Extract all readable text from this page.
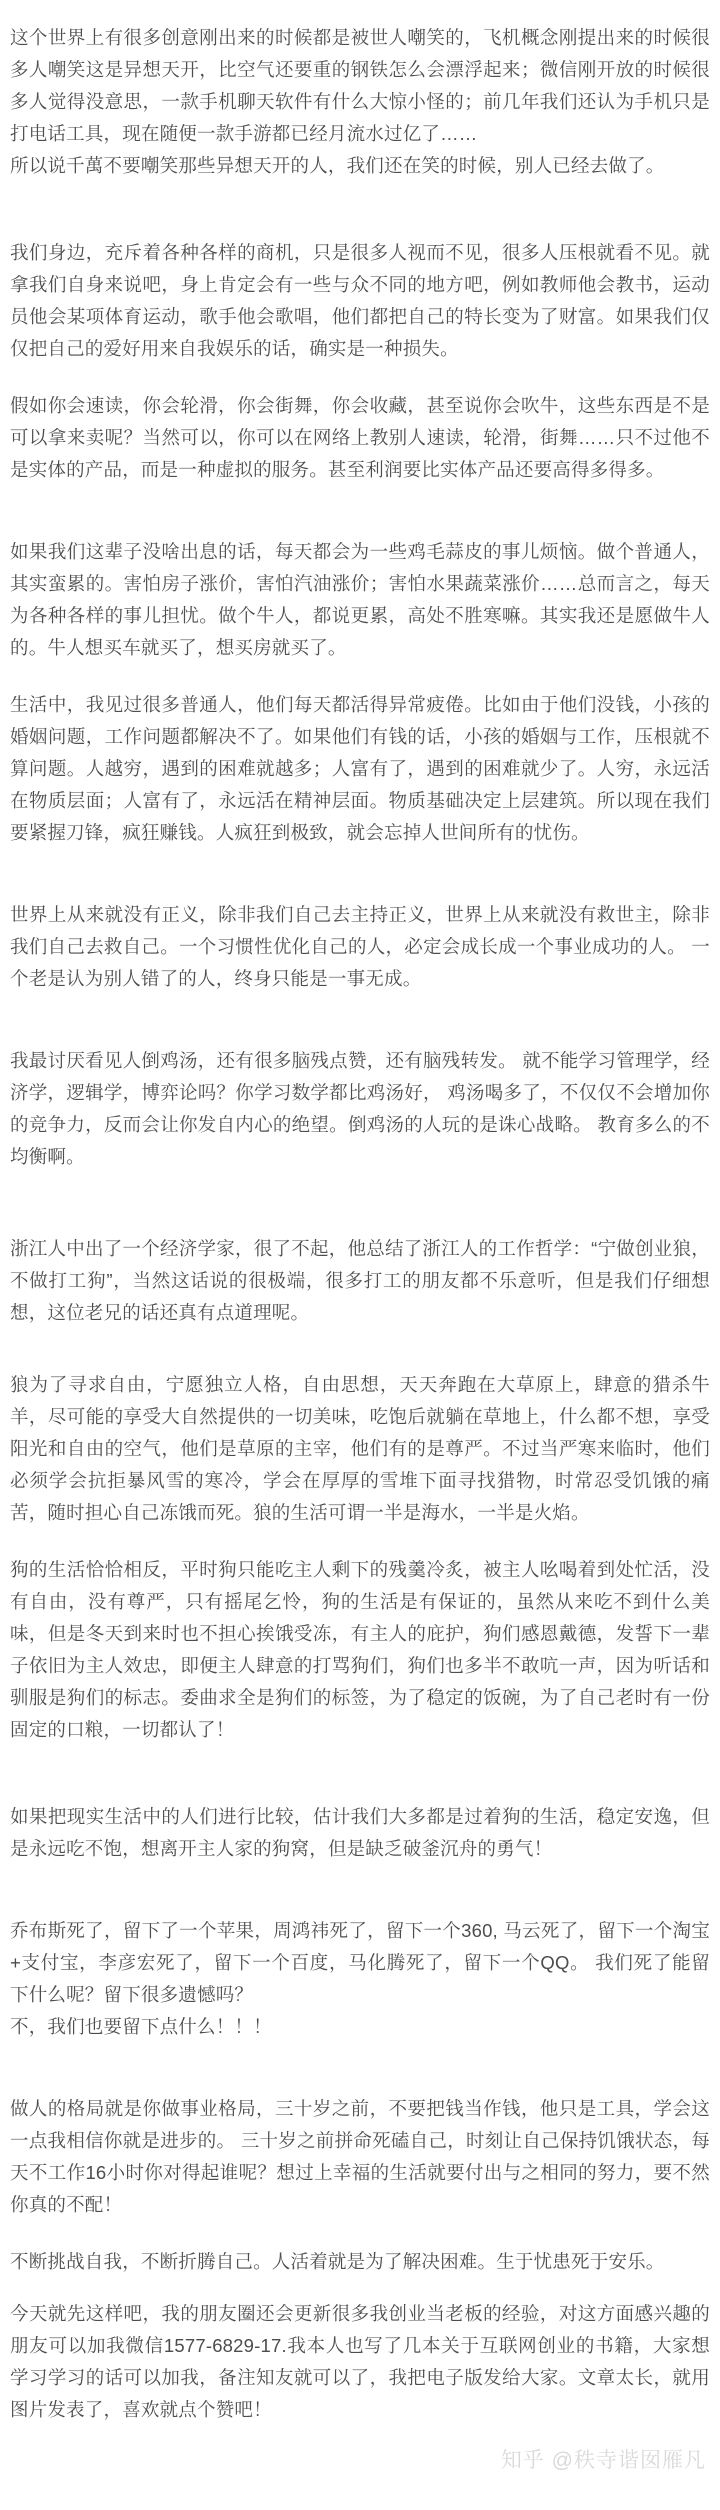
这个世界上有很多创意刚出来的时候都是被世人嘲笑的，飞机概念刚提出来的时候很多人嘲笑这是异想天开，比空气还要重的钢铁怎么会漂浮起来；微信刚开放的时候很多人觉得没意思，一款手机聊天软件有什么大惊小怪的；前几年我们还认为手机只是打电话工具，现在随便一款手游都已经月流水过亿了……

所以说千萬不要嘲笑那些异想天开的人，我们还在笑的时候，别人已经去做了。

我们身边，充斥着各种各样的商机，只是很多人视而不见，很多人压根就看不见。就拿我们自身来说吧，身上肯定会有一些与众不同的地方吧，例如教师他会教书，运动员他会某项体育运动，歌手他会歌唱，他们都把自己的特长变为了财富。如果我们仅仅把自己的爱好用来自我娱乐的话，确实是一种损失。

假如你会速读，你会轮滑，你会街舞，你会收藏，甚至说你会吹牛，这些东西是不是可以拿来卖呢？当然可以，你可以在网络上教别人速读，轮滑，街舞……只不过他不是实体的产品，而是一种虚拟的服务。甚至利润要比实体产品还要高得多得多。

如果我们这辈子没啥出息的话，每天都会为一些鸡毛蒜皮的事儿烦恼。做个普通人，其实蛮累的。害怕房子涨价，害怕汽油涨价；害怕水果蔬菜涨价……总而言之，每天为各种各样的事儿担忧。做个牛人，都说更累，高处不胜寒嘛。其实我还是愿做牛人的。牛人想买车就买了，想买房就买了。

生活中，我见过很多普通人，他们每天都活得异常疲倦。比如由于他们没钱，小孩的婚姻问题，工作问题都解决不了。如果他们有钱的话，小孩的婚姻与工作，压根就不算问题。人越穷，遇到的困难就越多；人富有了，遇到的困难就少了。人穷，永远活在物质层面；人富有了，永远活在精神层面。物质基础决定上层建筑。所以现在我们要紧握刀锋，疯狂赚钱。人疯狂到极致，就会忘掉人世间所有的忧伤。

世界上从来就没有正义，除非我们自己去主持正义，世界上从来就没有救世主，除非我们自己去救自己。一个习惯性优化自己的人，必定会成长成一个事业成功的人。 一个老是认为别人错了的人，终身只能是一事无成。

我最讨厌看见人倒鸡汤，还有很多脑残点赞，还有脑残转发。 就不能学习管理学，经济学，逻辑学，博弈论吗？你学习数学都比鸡汤好， 鸡汤喝多了，不仅仅不会增加你的竞争力，反而会让你发自内心的绝望。倒鸡汤的人玩的是诛心战略。 教育多么的不均衡啊。

浙江人中出了一个经济学家，很了不起，他总结了浙江人的工作哲学：“宁做创业狼，不做打工狗”，当然这话说的很极端，很多打工的朋友都不乐意听，但是我们仔细想想，这位老兄的话还真有点道理呢。

狼为了寻求自由，宁愿独立人格，自由思想，天天奔跑在大草原上，肆意的猎杀牛羊，尽可能的享受大自然提供的一切美味，吃饱后就躺在草地上，什么都不想，享受阳光和自由的空气，他们是草原的主宰，他们有的是尊严。不过当严寒来临时，他们必须学会抗拒暴风雪的寒冷，学会在厚厚的雪堆下面寻找猎物，时常忍受饥饿的痛苦，随时担心自己冻饿而死。狼的生活可谓一半是海水，一半是火焰。

狗的生活恰恰相反，平时狗只能吃主人剩下的残羹冷炙，被主人吆喝着到处忙活，没有自由，没有尊严，只有摇尾乞怜，狗的生活是有保证的，虽然从来吃不到什么美味，但是冬天到来时也不担心挨饿受冻，有主人的庇护，狗们感恩戴德，发誓下一辈子依旧为主人效忠，即便主人肆意的打骂狗们，狗们也多半不敢吭一声，因为听话和驯服是狗们的标志。委曲求全是狗们的标签，为了稳定的饭碗，为了自己老时有一份固定的口粮，一切都认了！

如果把现实生活中的人们进行比较，估计我们大多都是过着狗的生活，稳定安逸，但是永远吃不饱，想离开主人家的狗窝，但是缺乏破釜沉舟的勇气！

乔布斯死了，留下了一个苹果，周鸿祎死了，留下一个360, 马云死了，留下一个淘宝+支付宝，李彦宏死了，留下一个百度，马化腾死了，留下一个QQ。 我们死了能留下什么呢？留下很多遗憾吗？

不，我们也要留下点什么！！！

做人的格局就是你做事业格局，三十岁之前，不要把钱当作钱，他只是工具，学会这一点我相信你就是进步的。 三十岁之前拼命死磕自己，时刻让自己保持饥饿状态，每天不工作16小时你对得起谁呢？想过上幸福的生活就要付出与之相同的努力，要不然你真的不配！

不断挑战自我，不断折腾自己。人活着就是为了解决困难。生于忧患死于安乐。

今天就先这样吧，我的朋友圈还会更新很多我创业当老板的经验，对这方面感兴趣的朋友可以加我微信1577-6829-17.我本人也写了几本关于互联网创业的书籍，大家想学习学习的话可以加我，备注知友就可以了，我把电子版发给大家。文章太长，就用图片发表了，喜欢就点个赞吧！

知乎 @秩寺谐囡雁凡
